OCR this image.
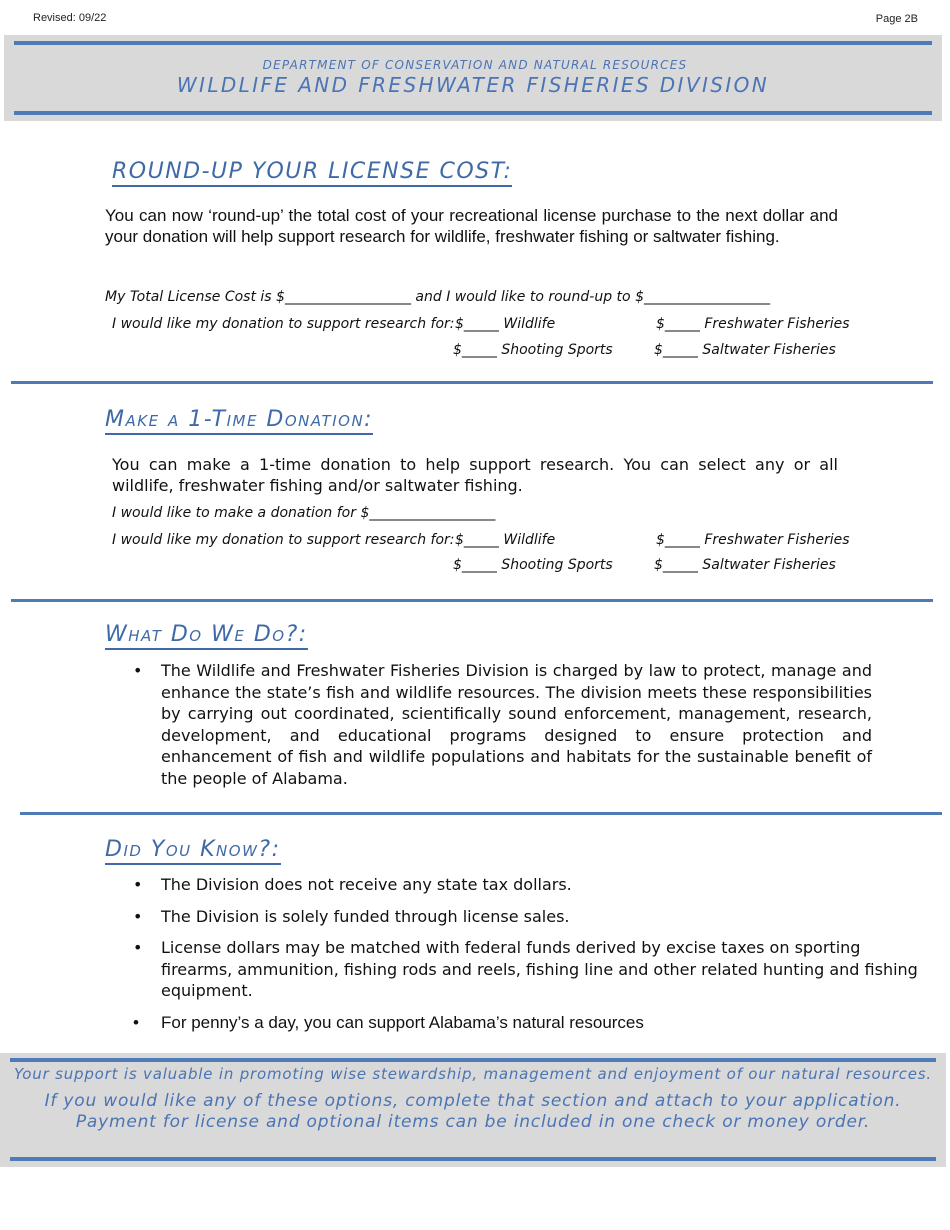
Revised: 09/22	Page 2B
DEPARTMENT OF CONSERVATION AND NATURAL RESOURCES
WILDLIFE AND FRESHWATER FISHERIES DIVISION
ROUND-UP YOUR LICENSE COST:
You can now ‘round-up’ the total cost of your recreational license purchase to the next dollar and your donation will help support research for wildlife, freshwater fishing or saltwater fishing.
My Total License Cost is $__________________ and I would like to round-up to $__________________
I would like my donation to support research for: $_____ Wildlife	$_____ Freshwater Fisheries
$_____ Shooting Sports	$_____ Saltwater Fisheries
Make a 1-Time Donation:
You can make a 1-time donation to help support research. You can select any or all wildlife, freshwater fishing and/or saltwater fishing.
I would like to make a donation for $__________________
I would like my donation to support research for: $_____ Wildlife	$_____ Freshwater Fisheries
$_____ Shooting Sports	$_____ Saltwater Fisheries
What Do We Do?:
• The Wildlife and Freshwater Fisheries Division is charged by law to protect, manage and enhance the state’s fish and wildlife resources. The division meets these responsibilities by carrying out coordinated, scientifically sound enforcement, management, research, development, and educational programs designed to ensure protection and enhancement of fish and wildlife populations and habitats for the sustainable benefit of the people of Alabama.
Did You Know?:
• The Division does not receive any state tax dollars.
• The Division is solely funded through license sales.
• License dollars may be matched with federal funds derived by excise taxes on sporting firearms, ammunition, fishing rods and reels, fishing line and other related hunting and fishing equipment.
• For penny’s a day, you can support Alabama’s natural resources
Your support is valuable in promoting wise stewardship, management and enjoyment of our natural resources.
If you would like any of these options, complete that section and attach to your application.
Payment for license and optional items can be included in one check or money order.
